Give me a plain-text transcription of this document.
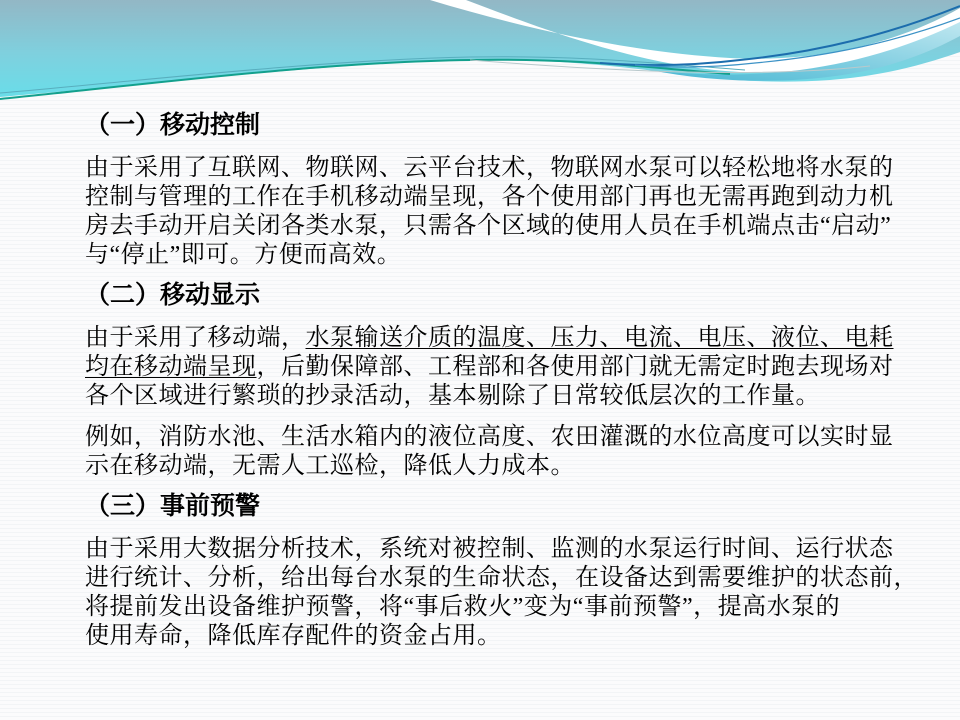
（一）移动控制
由于采用了互联网、物联网、云平台技术，物联网水泵可以轻松地将水泵的
控制与管理的工作在手机移动端呈现，各个使用部门再也无需再跑到动力机
房去手动开启关闭各类水泵，只需各个区域的使用人员在手机端点击“启动”
与“停止”即可。方便而高效。
（二）移动显示
由于采用了移动端，水泵输送介质的温度、压力、电流、电压、液位、电耗
均在移动端呈现，后勤保障部、工程部和各使用部门就无需定时跑去现场对
各个区域进行繁琐的抄录活动，基本剔除了日常较低层次的工作量。
例如，消防水池、生活水箱内的液位高度、农田灌溉的水位高度可以实时显
示在移动端，无需人工巡检，降低人力成本。
（三）事前预警
由于采用大数据分析技术，系统对被控制、监测的水泵运行时间、运行状态
进行统计、分析，给出每台水泵的生命状态，在设备达到需要维护的状态前，
将提前发出设备维护预警，将“事后救火”变为“事前预警”，提高水泵的
使用寿命，降低库存配件的资金占用。
